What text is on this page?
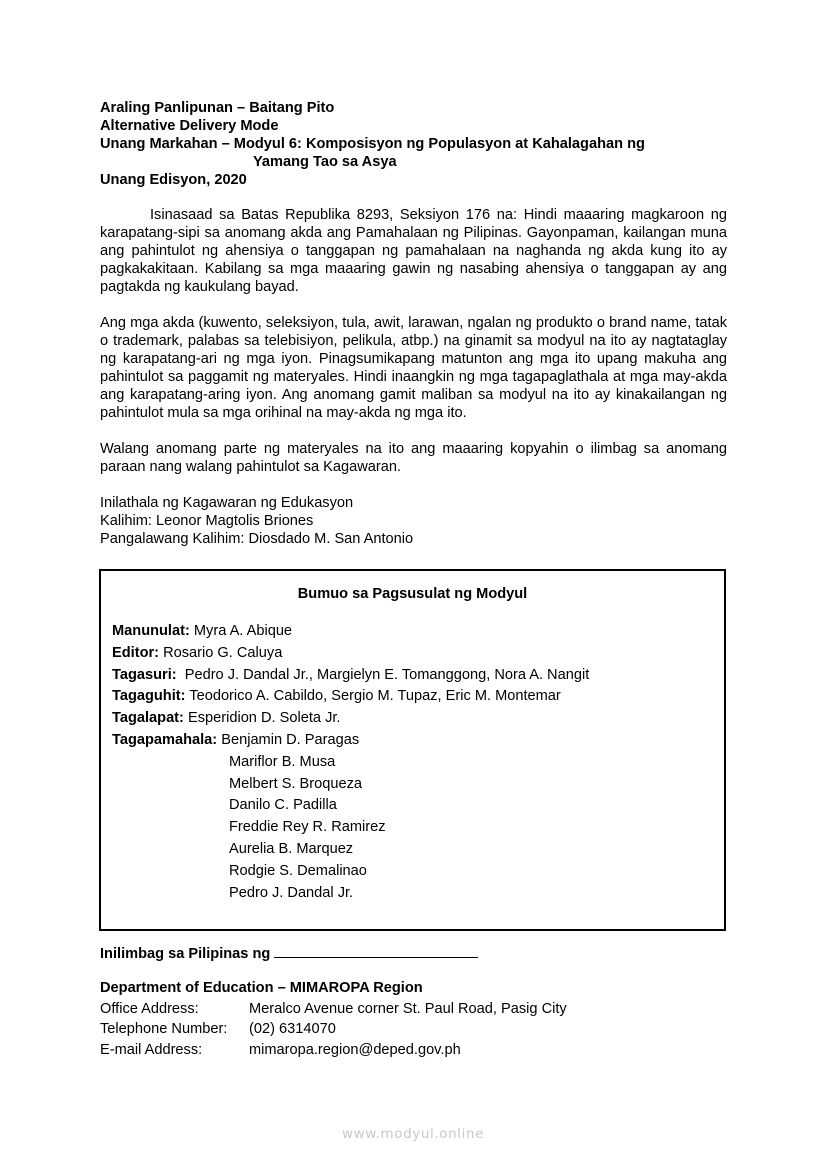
Araling Panlipunan – Baitang Pito
Alternative Delivery Mode
Unang Markahan – Modyul 6: Komposisyon ng Populasyon at Kahalagahan ng
Yamang Tao sa Asya
Unang Edisyon, 2020

Isinasaad sa Batas Republika 8293, Seksiyon 176 na: Hindi maaaring magkaroon ng karapatang-sipi sa anomang akda ang Pamahalaan ng Pilipinas. Gayonpaman, kailangan muna ang pahintulot ng ahensiya o tanggapan ng pamahalaan na naghanda ng akda kung ito ay pagkakakitaan. Kabilang sa mga maaaring gawin ng nasabing ahensiya o tanggapan ay ang pagtakda ng kaukulang bayad.

Ang mga akda (kuwento, seleksiyon, tula, awit, larawan, ngalan ng produkto o brand name, tatak o trademark, palabas sa telebisiyon, pelikula, atbp.) na ginamit sa modyul na ito ay nagtataglay ng karapatang-ari ng mga iyon. Pinagsumikapang matunton ang mga ito upang makuha ang pahintulot sa paggamit ng materyales. Hindi inaangkin ng mga tagapaglathala at mga may-akda ang karapatang-aring iyon. Ang anomang gamit maliban sa modyul na ito ay kinakailangan ng pahintulot mula sa mga orihinal na may-akda ng mga ito.

Walang anomang parte ng materyales na ito ang maaaring kopyahin o ilimbag sa anomang paraan nang walang pahintulot sa Kagawaran.

Inilathala ng Kagawaran ng Edukasyon
Kalihim: Leonor Magtolis Briones
Pangalawang Kalihim: Diosdado M. San Antonio
Bumuo sa Pagsusulat ng Modyul
Manunulat: Myra A. Abique
Editor: Rosario G. Caluya
Tagasuri:  Pedro J. Dandal Jr., Margielyn E. Tomanggong, Nora A. Nangit
Tagaguhit: Teodorico A. Cabildo, Sergio M. Tupaz, Eric M. Montemar
Tagalapat: Esperidion D. Soleta Jr.
Tagapamahala: Benjamin D. Paragas
Mariflor B. Musa
Melbert S. Broqueza
Danilo C. Padilla
Freddie Rey R. Ramirez
Aurelia B. Marquez
Rodgie S. Demalinao
Pedro J. Dandal Jr.
Inilimbag sa Pilipinas ng
Department of Education – MIMAROPA Region
Office Address:	Meralco Avenue corner St. Paul Road, Pasig City
Telephone Number: (02) 6314070
E-mail Address:	mimaropa.region@deped.gov.ph
www.modyul.online
